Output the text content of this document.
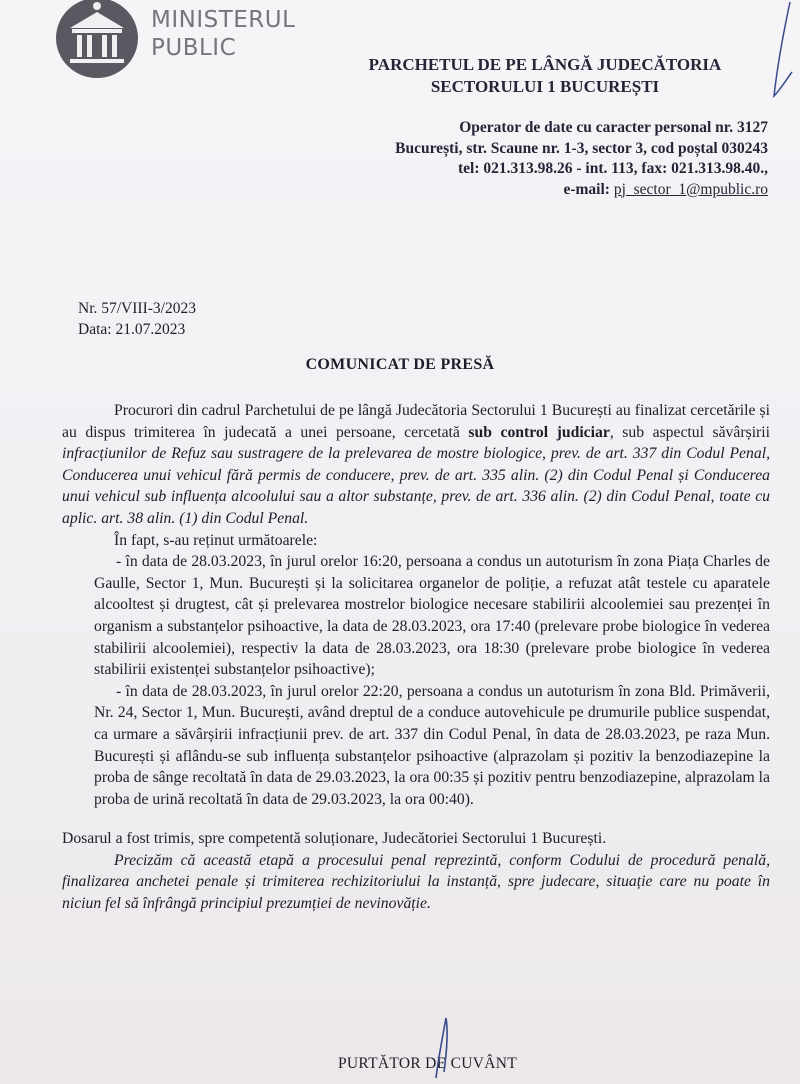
MINISTERUL
PUBLIC
PARCHETUL DE PE LÂNGĂ JUDECĂTORIA
SECTORULUI 1 BUCUREȘTI
Operator de date cu caracter personal nr. 3127
București, str. Scaune nr. 1-3, sector 3, cod poștal 030243
tel: 021.313.98.26 - int. 113, fax: 021.313.98.40.,
e-mail: pj_sector_1@mpublic.ro
Nr. 57/VIII-3/2023
Data: 21.07.2023
COMUNICAT DE PRESĂ

Procurori din cadrul Parchetului de pe lângă Judecătoria Sectorului 1 București au finalizat cercetările și au dispus trimiterea în judecată a unei persoane, cercetată sub control judiciar, sub aspectul săvârșirii infracțiunilor de Refuz sau sustragere de la prelevarea de mostre biologice, prev. de art. 337 din Codul Penal, Conducerea unui vehicul fără permis de conducere, prev. de art. 335 alin. (2) din Codul Penal și Conducerea unui vehicul sub influența alcoolului sau a altor substanțe, prev. de art. 336 alin. (2) din Codul Penal, toate cu aplic. art. 38 alin. (1) din Codul Penal.

În fapt, s-au reținut următoarele:

- în data de 28.03.2023, în jurul orelor 16:20, persoana a condus un autoturism în zona Piața Charles de Gaulle, Sector 1, Mun. București și la solicitarea organelor de poliție, a refuzat atât testele cu aparatele alcooltest și drugtest, cât și prelevarea mostrelor biologice necesare stabilirii alcoolemiei sau prezenței în organism a substanțelor psihoactive, la data de 28.03.2023, ora 17:40 (prelevare probe biologice în vederea stabilirii alcoolemiei), respectiv la data de 28.03.2023, ora 18:30 (prelevare probe biologice în vederea stabilirii existenței substanțelor psihoactive);

- în data de 28.03.2023, în jurul orelor 22:20, persoana a condus un autoturism în zona Bld. Primăverii, Nr. 24, Sector 1, Mun. București, având dreptul de a conduce autovehicule pe drumurile publice suspendat, ca urmare a săvârșirii infracțiunii prev. de art. 337 din Codul Penal, în data de 28.03.2023, pe raza Mun. București și aflându-se sub influența substanțelor psihoactive (alprazolam și pozitiv la benzodiazepine la proba de sânge recoltată în data de 29.03.2023, la ora 00:35 și pozitiv pentru benzodiazepine, alprazolam la proba de urină recoltată în data de 29.03.2023, la ora 00:40).

Dosarul a fost trimis, spre competentă soluționare, Judecătoriei Sectorului 1 București.

Precizăm că această etapă a procesului penal reprezintă, conform Codului de procedură penală, finalizarea anchetei penale și trimiterea rechizitoriului la instanță, spre judecare, situație care nu poate în niciun fel să înfrângă principiul prezumției de nevinovăție.

PURTĂTOR DE CUVÂNT
